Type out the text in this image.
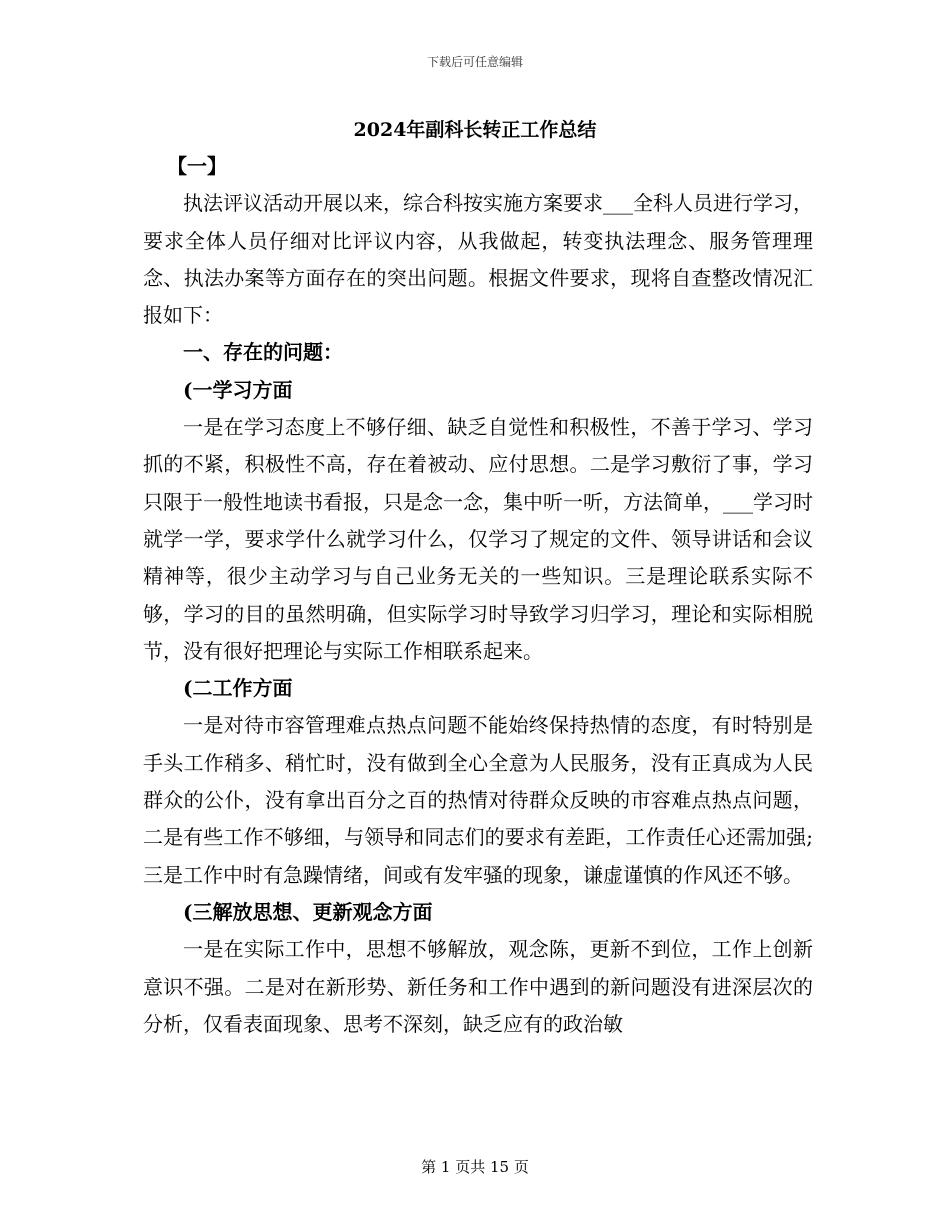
下载后可任意编辑
2024年副科长转正工作总结

【一】

执法评议活动开展以来，综合科按实施方案要求___全科人员进行学习，要求全体人员仔细对比评议内容，从我做起，转变执法理念、服务管理理念、执法办案等方面存在的突出问题。根据文件要求，现将自查整改情况汇报如下：

一、存在的问题：

(一学习方面

一是在学习态度上不够仔细、缺乏自觉性和积极性，不善于学习、学习抓的不紧，积极性不高，存在着被动、应付思想。二是学习敷衍了事，学习只限于一般性地读书看报，只是念一念，集中听一听，方法简单，___学习时就学一学，要求学什么就学习什么，仅学习了规定的文件、领导讲话和会议精神等，很少主动学习与自己业务无关的一些知识。三是理论联系实际不够，学习的目的虽然明确，但实际学习时导致学习归学习，理论和实际相脱节，没有很好把理论与实际工作相联系起来。

(二工作方面

一是对待市容管理难点热点问题不能始终保持热情的态度，有时特别是手头工作稍多、稍忙时，没有做到全心全意为人民服务，没有正真成为人民群众的公仆，没有拿出百分之百的热情对待群众反映的市容难点热点问题，二是有些工作不够细，与领导和同志们的要求有差距，工作责任心还需加强;三是工作中时有急躁情绪，间或有发牢骚的现象，谦虚谨慎的作风还不够。

(三解放思想、更新观念方面

一是在实际工作中，思想不够解放，观念陈，更新不到位，工作上创新意识不强。二是对在新形势、新任务和工作中遇到的新问题没有进深层次的分析，仅看表面现象、思考不深刻，缺乏应有的政治敏

第 1 页共 15 页
